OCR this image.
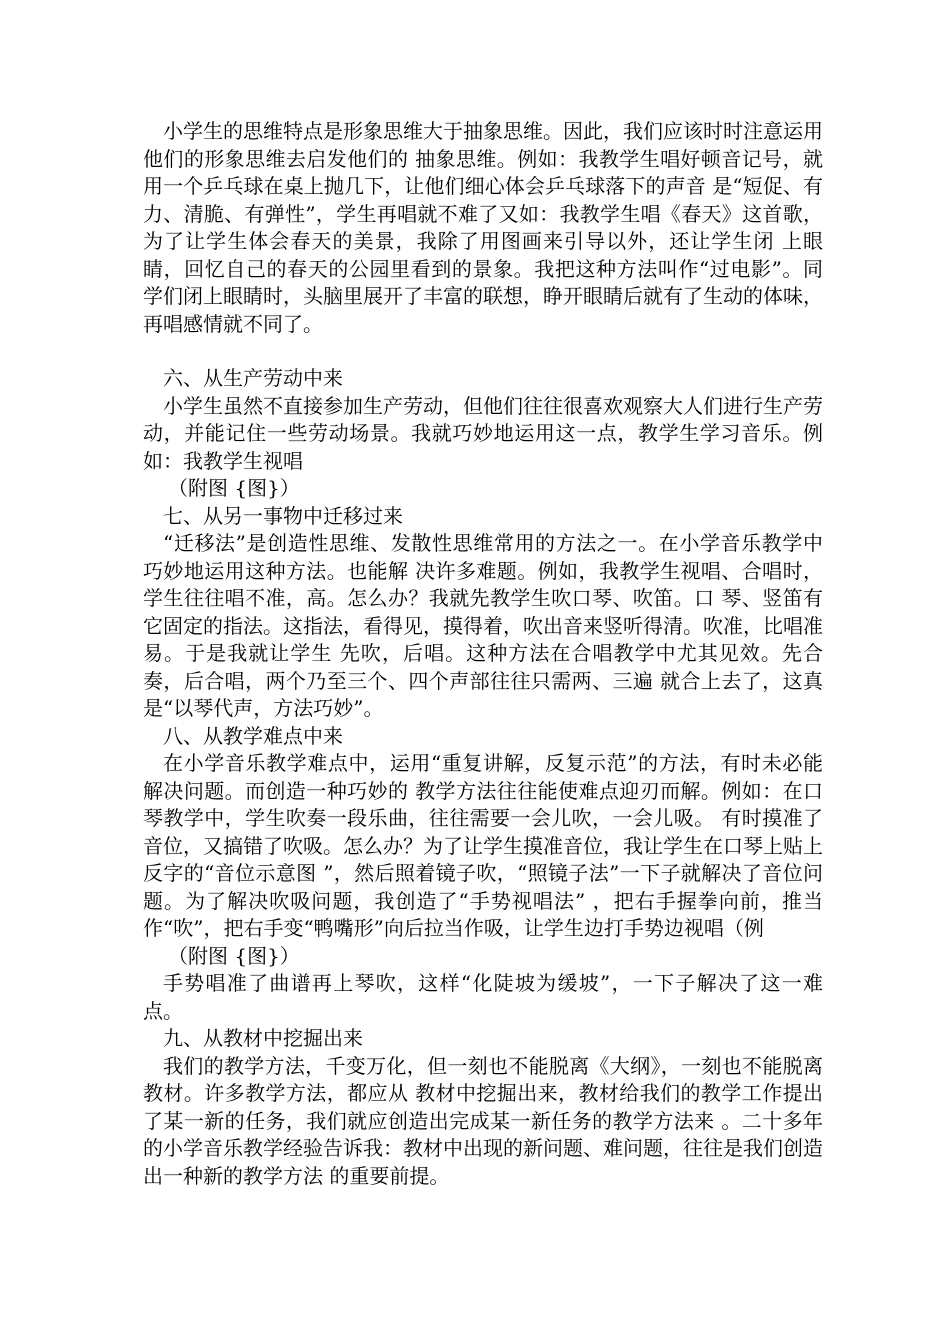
小学生的思维特点是形象思维大于抽象思维。因此，我们应该时时注意运用他们的形象思维去启发他们的 抽象思维。例如：我教学生唱好顿音记号，就用一个乒乓球在桌上抛几下，让他们细心体会乒乓球落下的声音 是“短促、有力、清脆、有弹性”，学生再唱就不难了又如：我教学生唱《春天》这首歌，为了让学生体会春天的美景，我除了用图画来引导以外，还让学生闭 上眼睛，回忆自己的春天的公园里看到的景象。我把这种方法叫作“过电影”。同学们闭上眼睛时，头脑里展开了丰富的联想，睁开眼睛后就有了生动的体味，再唱感情就不同了。

六、从生产劳动中来

小学生虽然不直接参加生产劳动，但他们往往很喜欢观察大人们进行生产劳动，并能记住一些劳动场景。我就巧妙地运用这一点，教学生学习音乐。例如：我教学生视唱

（附图 {图}）

七、从另一事物中迁移过来

“迁移法”是创造性思维、发散性思维常用的方法之一。在小学音乐教学中巧妙地运用这种方法。也能解 决许多难题。例如，我教学生视唱、合唱时，学生往往唱不准，高。怎么办？我就先教学生吹口琴、吹笛。口 琴、竖笛有它固定的指法。这指法，看得见，摸得着，吹出音来竖听得清。吹准，比唱准易。于是我就让学生 先吹，后唱。这种方法在合唱教学中尤其见效。先合奏，后合唱，两个乃至三个、四个声部往往只需两、三遍 就合上去了，这真是“以琴代声，方法巧妙”。

八、从教学难点中来

在小学音乐教学难点中，运用“重复讲解，反复示范”的方法，有时未必能解决问题。而创造一种巧妙的 教学方法往往能使难点迎刃而解。例如：在口琴教学中，学生吹奏一段乐曲，往往需要一会儿吹，一会儿吸。 有时摸准了音位，又搞错了吹吸。怎么办？为了让学生摸准音位，我让学生在口琴上贴上反字的“音位示意图 ”，然后照着镜子吹，“照镜子法”一下子就解决了音位问题。为了解决吹吸问题，我创造了“手势视唱法” ，把右手握拳向前，推当作“吹”，把右手变“鸭嘴形”向后拉当作吸，让学生边打手势边视唱（例

（附图 {图}）

手势唱准了曲谱再上琴吹，这样“化陡坡为缓坡”，一下子解决了这一难点。

九、从教材中挖掘出来

我们的教学方法，千变万化，但一刻也不能脱离《大纲》，一刻也不能脱离教材。许多教学方法，都应从 教材中挖掘出来，教材给我们的教学工作提出了某一新的任务，我们就应创造出完成某一新任务的教学方法来 。二十多年的小学音乐教学经验告诉我：教材中出现的新问题、难问题，往往是我们创造出一种新的教学方法 的重要前提。
